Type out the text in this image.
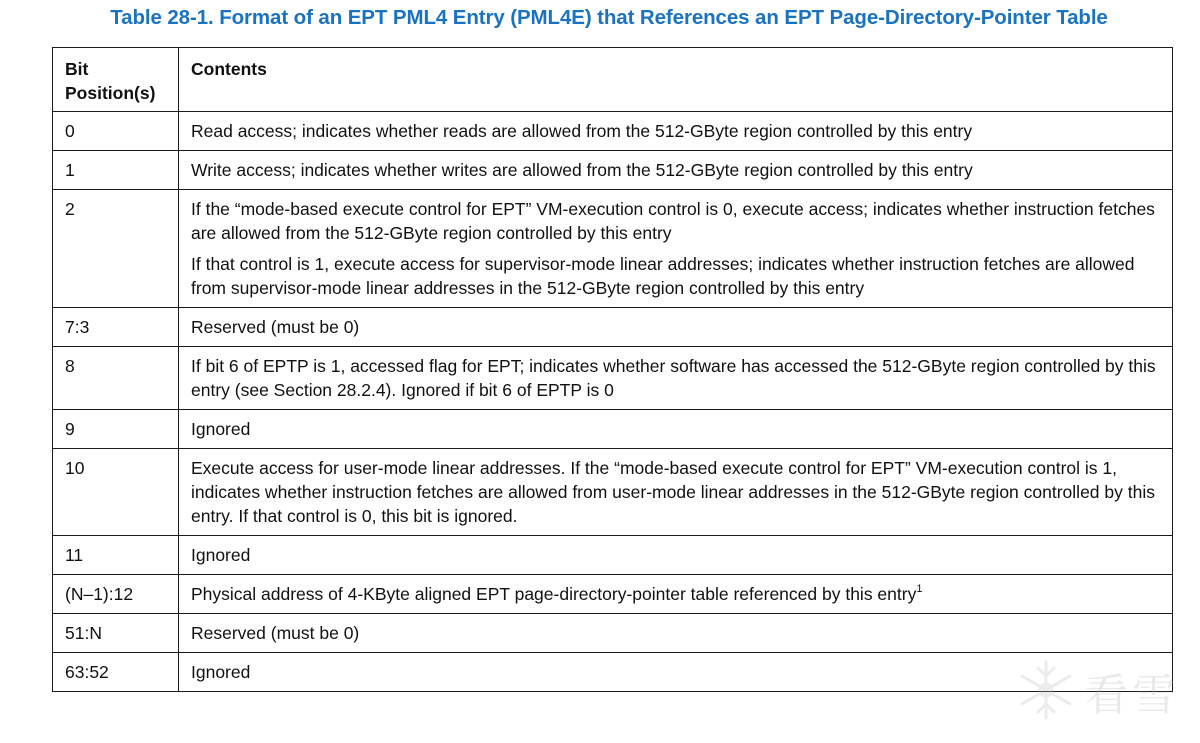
Table 28-1. Format of an EPT PML4 Entry (PML4E) that References an EPT Page-Directory-Pointer Table
Bit
Position(s)	Contents
0	Read access; indicates whether reads are allowed from the 512-GByte region controlled by this entry

1	Write access; indicates whether writes are allowed from the 512-GByte region controlled by this entry

2	If the “mode-based execute control for EPT” VM-execution control is 0, execute access; indicates whether instruction fetches are allowed from the 512-GByte region controlled by this entry
If that control is 1, execute access for supervisor-mode linear addresses; indicates whether instruction fetches are allowed from supervisor-mode linear addresses in the 512-GByte region controlled by this entry

7:3	Reserved (must be 0)

8	If bit 6 of EPTP is 1, accessed flag for EPT; indicates whether software has accessed the 512-GByte region controlled by this entry (see Section 28.2.4). Ignored if bit 6 of EPTP is 0

9	Ignored

10	Execute access for user-mode linear addresses. If the “mode-based execute control for EPT” VM-execution control is 1, indicates whether instruction fetches are allowed from user-mode linear addresses in the 512-GByte region controlled by this entry. If that control is 0, this bit is ignored.

11	Ignored

(N–1):12	Physical address of 4-KByte aligned EPT page-directory-pointer table referenced by this entry$^1$

51:N	Reserved (must be 0)

63:52	Ignored	看雪
